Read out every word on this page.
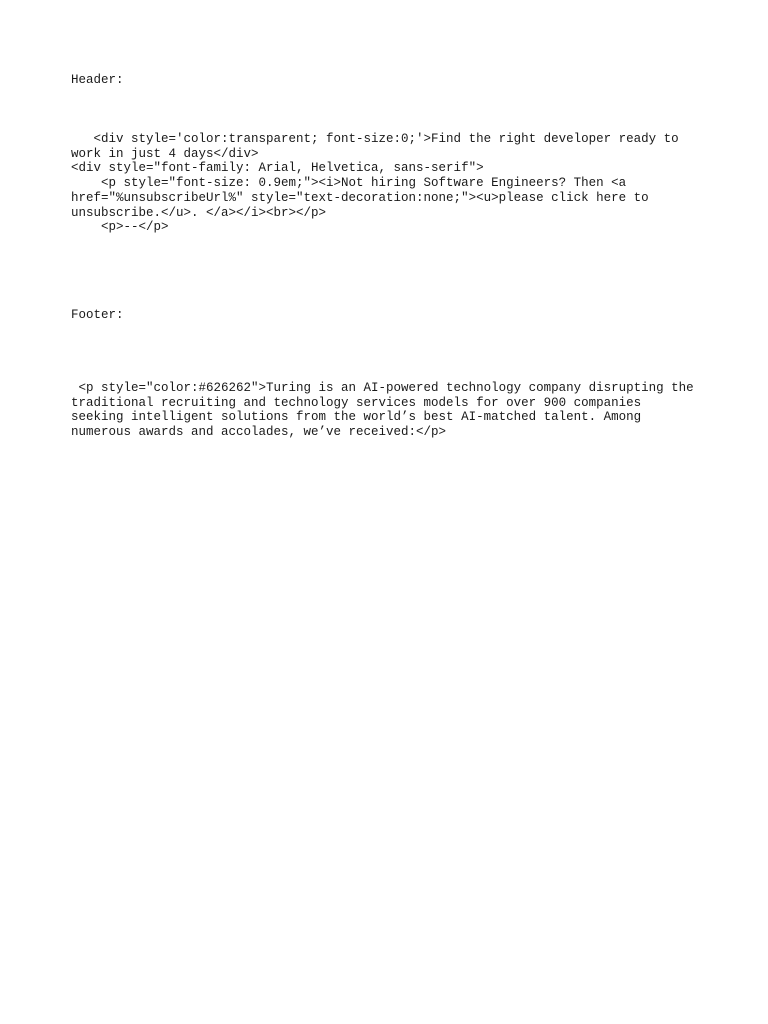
Header:

<div style='color:transparent; font-size:0;'>Find the right developer ready to

work in just 4 days</div>

<div style="font-family: Arial, Helvetica, sans-serif">

<p style="font-size: 0.9em;"><i>Not hiring Software Engineers? Then <a

href="%unsubscribeUrl%" style="text-decoration:none;"><u>please click here to

unsubscribe.</u>. </a></i><br></p>

<p>--</p>

Footer:

<p style="color:#626262">Turing is an AI-powered technology company disrupting the

traditional recruiting and technology services models for over 900 companies

seeking intelligent solutions from the world’s best AI-matched talent. Among

numerous awards and accolades, we’ve received:</p>
